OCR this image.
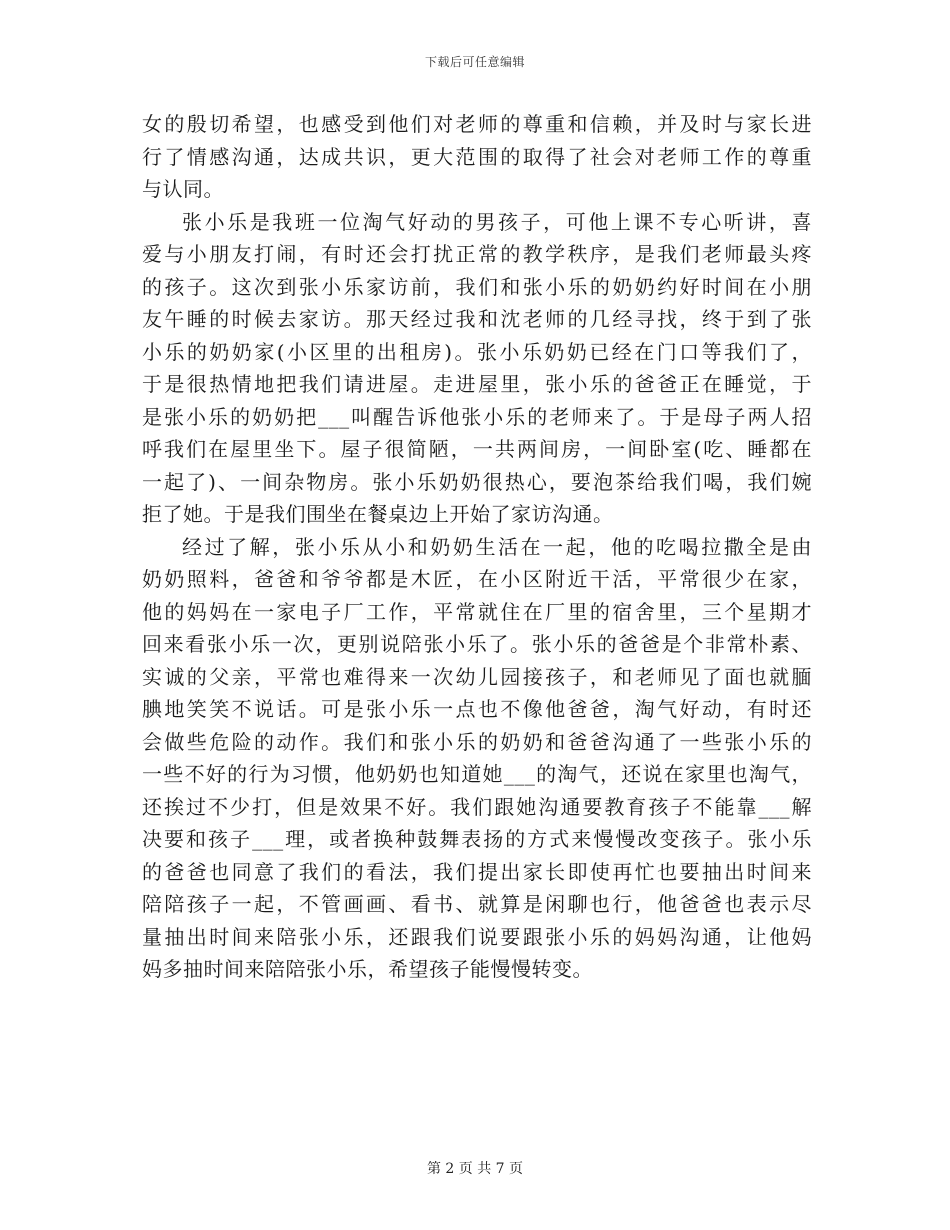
下载后可任意编辑
女的殷切希望，也感受到他们对老师的尊重和信赖，并及时与家长进
行了情感沟通，达成共识，更大范围的取得了社会对老师工作的尊重
与认同。
张小乐是我班一位淘气好动的男孩子，可他上课不专心听讲，喜
爱与小朋友打闹，有时还会打扰正常的教学秩序，是我们老师最头疼
的孩子。这次到张小乐家访前，我们和张小乐的奶奶约好时间在小朋
友午睡的时候去家访。那天经过我和沈老师的几经寻找，终于到了张
小乐的奶奶家(小区里的出租房)。张小乐奶奶已经在门口等我们了，
于是很热情地把我们请进屋。走进屋里，张小乐的爸爸正在睡觉，于
是张小乐的奶奶把___叫醒告诉他张小乐的老师来了。于是母子两人招
呼我们在屋里坐下。屋子很简陋，一共两间房，一间卧室(吃、睡都在
一起了)、一间杂物房。张小乐奶奶很热心，要泡茶给我们喝，我们婉
拒了她。于是我们围坐在餐桌边上开始了家访沟通。
经过了解，张小乐从小和奶奶生活在一起，他的吃喝拉撒全是由
奶奶照料，爸爸和爷爷都是木匠，在小区附近干活，平常很少在家，
他的妈妈在一家电子厂工作，平常就住在厂里的宿舍里，三个星期才
回来看张小乐一次，更别说陪张小乐了。张小乐的爸爸是个非常朴素、
实诚的父亲，平常也难得来一次幼儿园接孩子，和老师见了面也就腼
腆地笑笑不说话。可是张小乐一点也不像他爸爸，淘气好动，有时还
会做些危险的动作。我们和张小乐的奶奶和爸爸沟通了一些张小乐的
一些不好的行为习惯，他奶奶也知道她___的淘气，还说在家里也淘气，
还挨过不少打，但是效果不好。我们跟她沟通要教育孩子不能靠___解
决要和孩子___理，或者换种鼓舞表扬的方式来慢慢改变孩子。张小乐
的爸爸也同意了我们的看法，我们提出家长即使再忙也要抽出时间来
陪陪孩子一起，不管画画、看书、就算是闲聊也行，他爸爸也表示尽
量抽出时间来陪张小乐，还跟我们说要跟张小乐的妈妈沟通，让他妈
妈多抽时间来陪陪张小乐，希望孩子能慢慢转变。
第 2 页 共 7 页
